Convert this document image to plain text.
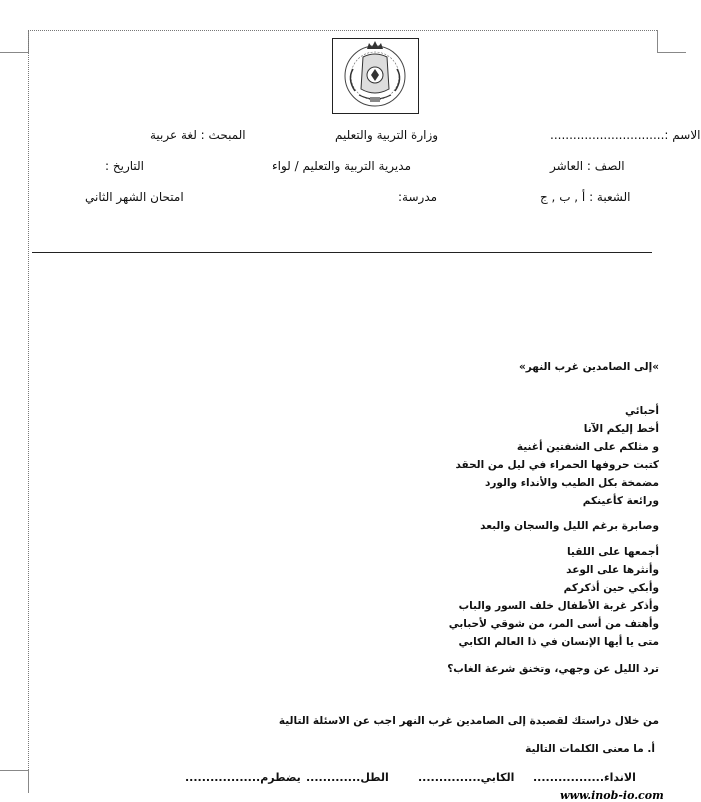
الاسم :..............................
وزارة التربية والتعليم
المبحث : لغة عربية
الصف : العاشر
مديرية التربية والتعليم / لواء
التاريخ :
الشعبة : أ , ب , ج
مدرسة:
امتحان الشهر الثاني
»إلى الصامدين غرب النهر»
أحبائي
أخط إليكم الآنا
و مثلكم على الشفتين أغنية
كتبت حروفها الحمراء في ليل من الحقد
مضمخة بكل الطيب والأنداء والورد
ورائعة كأعينكم
وصابرة برغم الليل والسجان والبعد
أجمعها على اللقيا
وأنثرها على الوعد
وأبكي حين أذكركم
وأذكر غربة الأطفال خلف السور والباب
وأهتف من أسى المر، من شوقي لأحبابي
متى يا أيها الإنسان في ذا العالم الكابي
ترد الليل عن وجهي، وتخنق شرعة الغاب؟
من خلال دراستك لقصيدة إلى الصامدين غرب النهر اجب عن الاسئلة التالية
أ. ما معنى الكلمات التالية
الانداء.................
الكابي...............
الطل.............
يضطرم..................
www.inob-io.com
